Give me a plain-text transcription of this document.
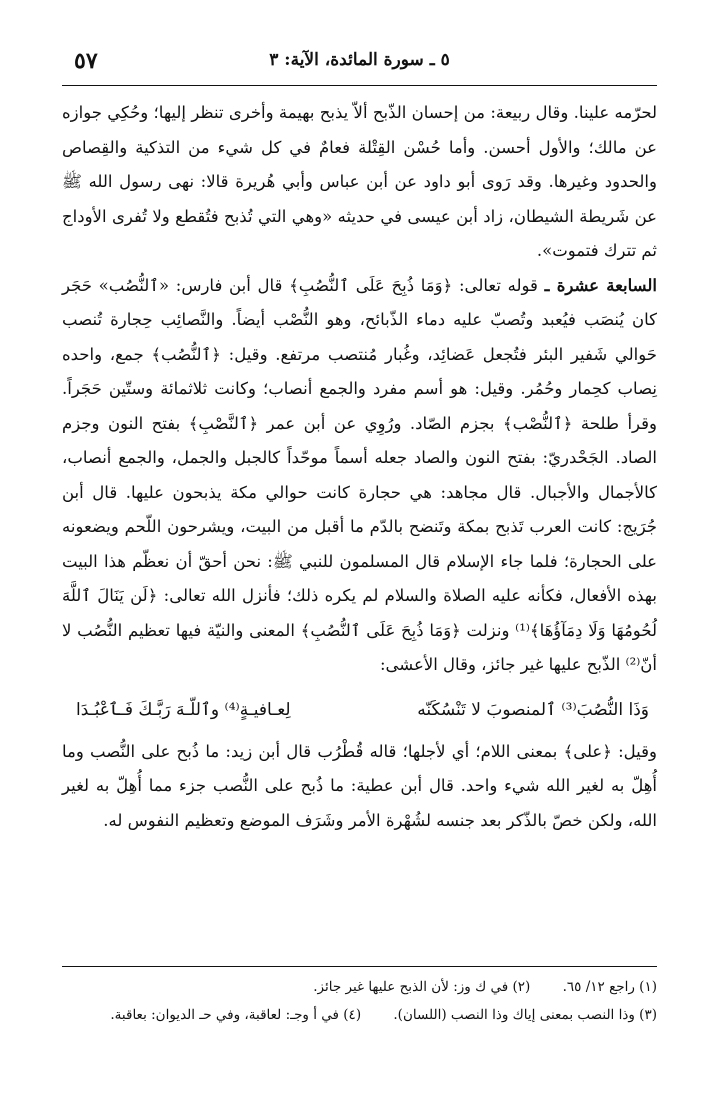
٥٧	٥ ـ سورة المائدة، الآية: ٣

لحرّمه علينا. وقال ربيعة: من إحسان الذّبح ألاّ يذبح بهيمة وأخرى تنظر إليها؛ وحُكِي جوازه عن مالك؛ والأول أحسن. وأما حُسْن القِتْلة فعامٌ في كل شيء من التذكية والقِصاص والحدود وغيرها. وقد رَوى أبو داود عن أبن عباس وأبي هُريرة قالا: نهى رسول الله ﷺ عن شَريطة الشيطان، زاد أبن عيسى في حديثه «وهي التي تُذبح فتُقطع ولا تُفرى الأوداج ثم تترك فتموت».

السابعة عشرة ـ قوله تعالى: ﴿وَمَا ذُبِحَ عَلَى ٱلنُّصُبِ﴾ قال أبن فارس: «ٱلنُّصُب» حَجَر كان يُنصَب فيُعبد وتُصبّ عليه دماء الذّبائح، وهو النُّصْب أيضاً. والنَّصائِب حِجارة تُنصب حَوالي شَفير البئر فتُجعل عَضائِد، وغُبار مُنتصب مرتفع. وقيل: ﴿ٱلنُّصُب﴾ جمع، واحده نِصاب كحِمار وحُمُر. وقيل: هو أسم مفرد والجمع أنصاب؛ وكانت ثلاثمائة وستّين حَجَراً. وقرأ طلحة ﴿ٱلنُّصْب﴾ بجزم الصّاد. ورُوِي عن أبن عمر ﴿ٱلنَّصْبِ﴾ بفتح النون وجزم الصاد. الجَحْدريّ: بفتح النون والصاد جعله أسماً موحّداً كالجبل والجمل، والجمع أنصاب، كالأجمال والأجبال. قال مجاهد: هي حجارة كانت حوالي مكة يذبحون عليها. قال أبن جُرَيج: كانت العرب تَذبح بمكة وتَنضح بالدّم ما أقبل من البيت، ويشرحون اللّحم ويضعونه على الحجارة؛ فلما جاء الإسلام قال المسلمون للنبي ﷺ: نحن أحقّ أن نعظّم هذا البيت بهذه الأفعال، فكأنه عليه الصلاة والسلام لم يكره ذلك؛ فأنزل الله تعالى: ﴿لَن يَنَالَ ٱللَّهَ لُحُومُهَا وَلَا دِمَآؤُهَا﴾⁽¹⁾ ونزلت ﴿وَمَا ذُبِحَ عَلَى ٱلنُّصُبِ﴾ المعنى والنيّة فيها تعظيم النُّصُب لا أنّ⁽²⁾ الذّبح عليها غير جائز، وقال الأعشى:

وَذَا النُّصُبَ⁽³⁾ ٱلمنصوبَ لا تَنْسُكَنّه
لِعـافيـةٍ⁽⁴⁾ وٱللّـهَ رَبَّـكَ فَـٱعْبُـدَا

وقيل: ﴿على﴾ بمعنى اللام؛ أي لأجلها؛ قاله قُطْرُب قال أبن زيد: ما ذُبح على النُّصب وما أُهِلّ به لغير الله شيء واحد. قال أبن عطية: ما ذُبح على النُّصب جزء مما أُهِلّ به لغير الله، ولكن خصّ بالذّكر بعد جنسه لشُهْرة الأمر وشَرَف الموضع وتعظيم النفوس له.

(١) راجع ١٢/ ٦٥. (٢) في ك وز: لأن الذبح عليها غير جائز.
(٣) وذا النصب بمعنى إياك وذا النصب (اللسان). (٤) في أ وجـ: لعاقبة، وفي حـ الديوان: بعاقبة.
